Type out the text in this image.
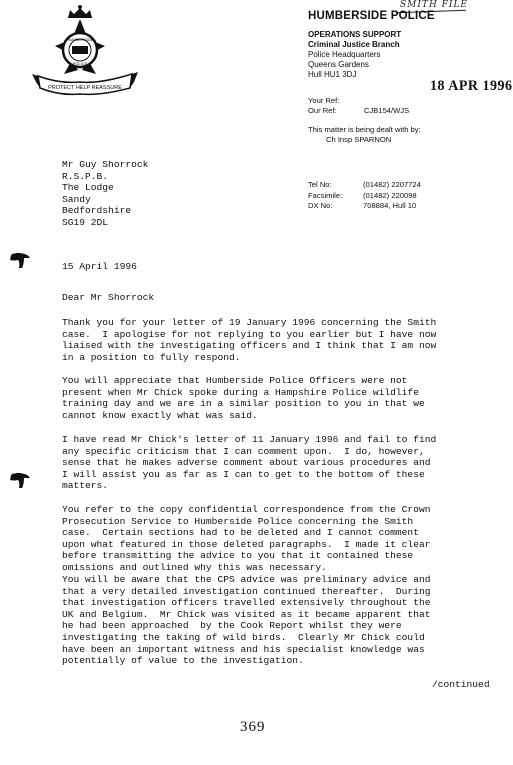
SMITH FILE
HUMBERSIDE
POLICE
PROTECT HELP REASSURE
HUMBERSIDE POLICE
OPERATIONS SUPPORT
Criminal Justice Branch
Police Headquarters
Queens Gardens
Hull HU1 3DJ
18 APR 1996
Your Ref:
Our Ref:	CJB154/WJS
This matter is being dealt with by:
Ch Insp SPARNON
Tel No:	(01482) 2207724
Facsimile:	(01482) 220098
DX No:	708884, Hull 10
Mr Guy Shorrock
R.S.P.B.
The Lodge
Sandy
Bedfordshire
SG19 2DL
15 April 1996
Dear Mr Shorrock
Thank you for your letter of 19 January 1996 concerning the Smith
case.  I apologise for not replying to you earlier but I have now
liaised with the investigating officers and I think that I am now
in a position to fully respond.
You will appreciate that Humberside Police Officers were not
present when Mr Chick spoke during a Hampshire Police wildlife
training day and we are in a similar position to you in that we
cannot know exactly what was said.
I have read Mr Chick's letter of 11 January 1996 and fail to find
any specific criticism that I can comment upon.  I do, however,
sense that he makes adverse comment about various procedures and
I will assist you as far as I can to get to the bottom of these
matters.
You refer to the copy confidential correspondence from the Crown
Prosecution Service to Humberside Police concerning the Smith
case.  Certain sections had to be deleted and I cannot comment
upon what featured in those deleted paragraphs.  I made it clear
before transmitting the advice to you that it contained these
omissions and outlined why this was necessary.
You will be aware that the CPS advice was preliminary advice and
that a very detailed investigation continued thereafter.  During
that investigation officers travelled extensively throughout the
UK and Belgium.  Mr Chick was visited as it became apparent that
he had been approached  by the Cook Report whilst they were
investigating the taking of wild birds.  Clearly Mr Chick could
have been an important witness and his specialist knowledge was
potentially of value to the investigation.
/continued
369
